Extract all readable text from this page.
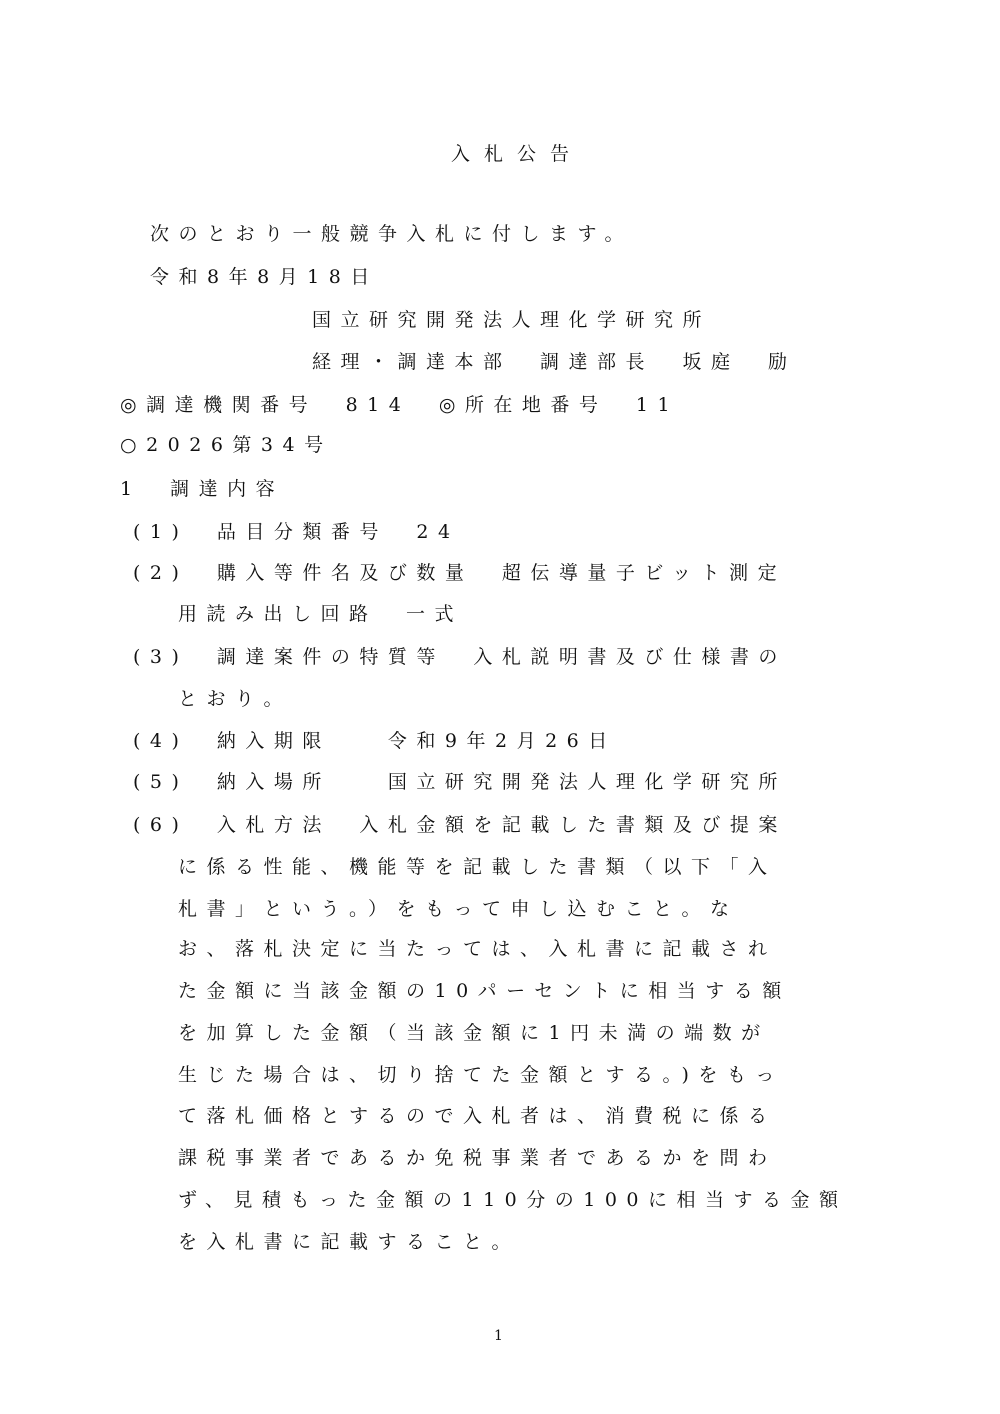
入札公告
次のとおり一般競争入札に付します。
令和8年8月18日
国立研究開発法人理化学研究所
経理・調達本部　調達部長　坂庭　励
◎調達機関番号　814　◎所在地番号　11
○2026第34号
1　調達内容
(1)　品目分類番号　24
(2)　購入等件名及び数量　超伝導量子ビット測定
用読み出し回路　一式
(3)　調達案件の特質等　入札説明書及び仕様書の
とおり。
(4)　納入期限　　令和9年2月26日
(5)　納入場所　　国立研究開発法人理化学研究所
(6)　入札方法　入札金額を記載した書類及び提案
に係る性能、機能等を記載した書類（以下「入
札書」という。）をもって申し込むこと。な
お、落札決定に当たっては、入札書に記載され
た金額に当該金額の10パーセントに相当する額
を加算した金額（当該金額に1円未満の端数が
生じた場合は、切り捨てた金額とする。)をもっ
て落札価格とするので入札者は、消費税に係る
課税事業者であるか免税事業者であるかを問わ
ず、見積もった金額の110分の100に相当する金額
を入札書に記載すること。
1
